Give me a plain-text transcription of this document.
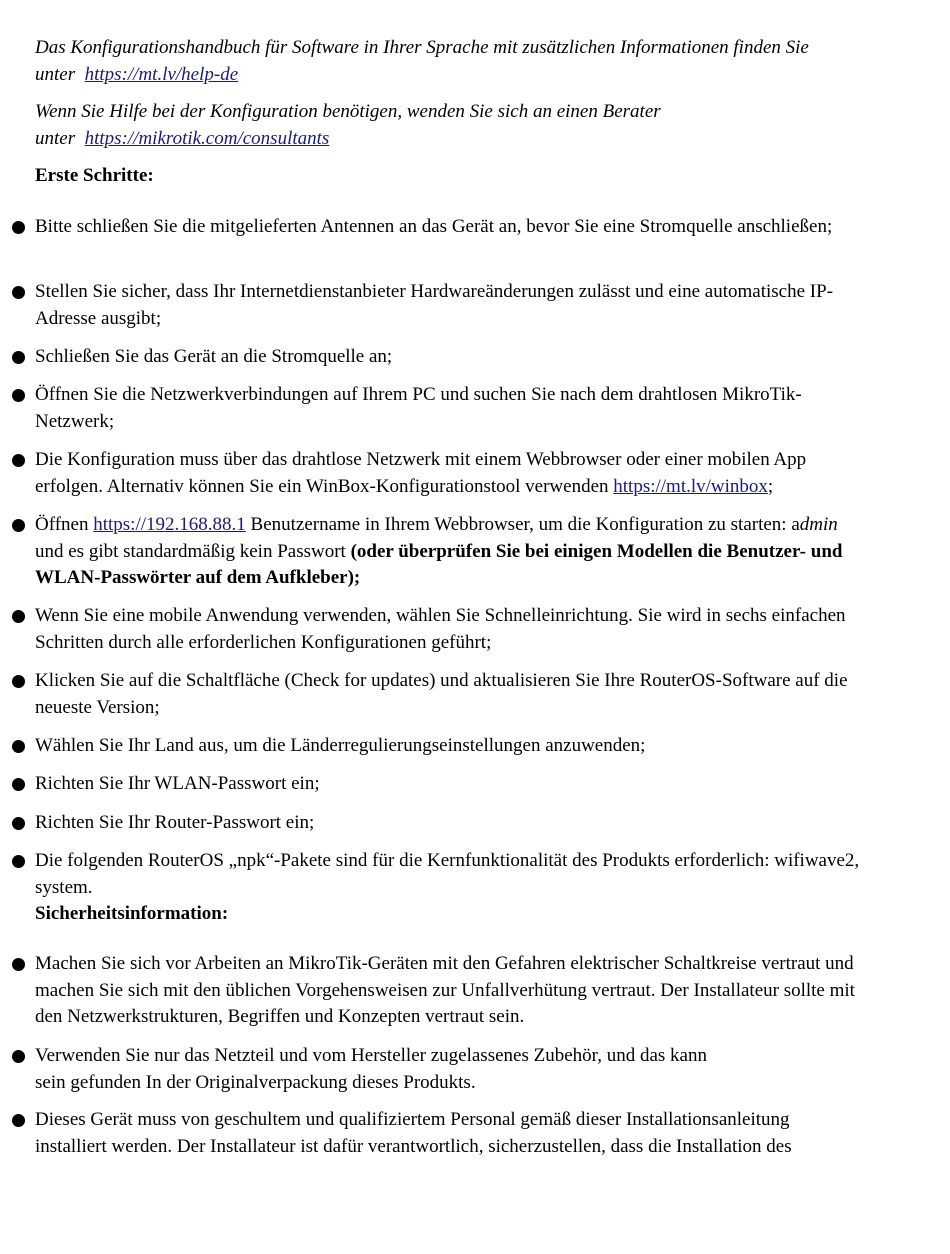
Das Konfigurationshandbuch für Software in Ihrer Sprache mit zusätzlichen Informationen finden Sie
unter https://mt.lv/help-de
Wenn Sie Hilfe bei der Konfiguration benötigen, wenden Sie sich an einen Berater
unter https://mikrotik.com/consultants
Erste Schritte:
Bitte schließen Sie die mitgelieferten Antennen an das Gerät an, bevor Sie eine Stromquelle anschließen;
Stellen Sie sicher, dass Ihr Internetdienstanbieter Hardwareänderungen zulässt und eine automatische IP-Adresse ausgibt;
Schließen Sie das Gerät an die Stromquelle an;
Öffnen Sie die Netzwerkverbindungen auf Ihrem PC und suchen Sie nach dem drahtlosen MikroTik-Netzwerk;
Die Konfiguration muss über das drahtlose Netzwerk mit einem Webbrowser oder einer mobilen App erfolgen. Alternativ können Sie ein WinBox-Konfigurationstool verwenden https://mt.lv/winbox;
Öffnen https://192.168.88.1 Benutzername in Ihrem Webbrowser, um die Konfiguration zu starten: admin und es gibt standardmäßig kein Passwort (oder überprüfen Sie bei einigen Modellen die Benutzer- und WLAN-Passwörter auf dem Aufkleber);
Wenn Sie eine mobile Anwendung verwenden, wählen Sie Schnelleinrichtung. Sie wird in sechs einfachen Schritten durch alle erforderlichen Konfigurationen geführt;
Klicken Sie auf die Schaltfläche (Check for updates) und aktualisieren Sie Ihre RouterOS-Software auf die neueste Version;
Wählen Sie Ihr Land aus, um die Länderregulierungseinstellungen anzuwenden;
Richten Sie Ihr WLAN-Passwort ein;
Richten Sie Ihr Router-Passwort ein;
Die folgenden RouterOS „npk“-Pakete sind für die Kernfunktionalität des Produkts erforderlich: wifiwave2, system.
Sicherheitsinformation:
Machen Sie sich vor Arbeiten an MikroTik-Geräten mit den Gefahren elektrischer Schaltkreise vertraut und machen Sie sich mit den üblichen Vorgehensweisen zur Unfallverhütung vertraut. Der Installateur sollte mit den Netzwerkstrukturen, Begriffen und Konzepten vertraut sein.
Verwenden Sie nur das Netzteil und vom Hersteller zugelassenes Zubehör, und das kann
sein gefunden In der Originalverpackung dieses Produkts.
Dieses Gerät muss von geschultem und qualifiziertem Personal gemäß dieser Installationsanleitung installiert werden. Der Installateur ist dafür verantwortlich, sicherzustellen, dass die Installation des
